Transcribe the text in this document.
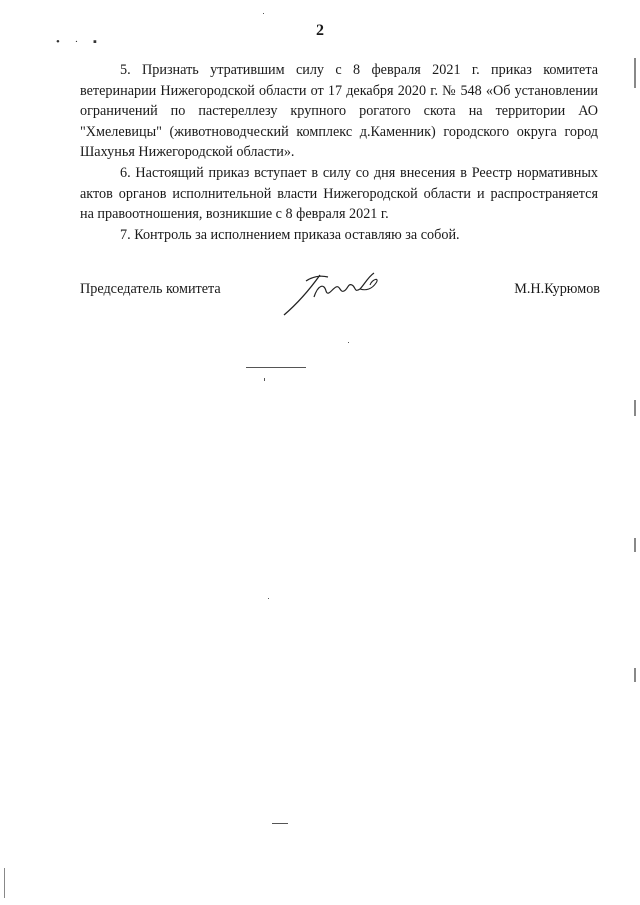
• · ▪
2

5. Признать утратившим силу с 8 февраля 2021 г. приказ комитета ветеринарии Нижегородской области от 17 декабря 2020 г. № 548 «Об установлении ограничений по пастереллезу крупного рогатого скота на территории АО "Хмелевицы" (животноводческий комплекс д.Каменник) городского округа город Шахунья Нижегородской области».

6. Настоящий приказ вступает в силу со дня внесения в Реестр нормативных актов органов исполнительной власти Нижегородской области и распространяется на правоотношения, возникшие с 8 февраля 2021 г.

7. Контроль за исполнением приказа оставляю за собой.

Председатель комитета	М.Н.Курюмов
